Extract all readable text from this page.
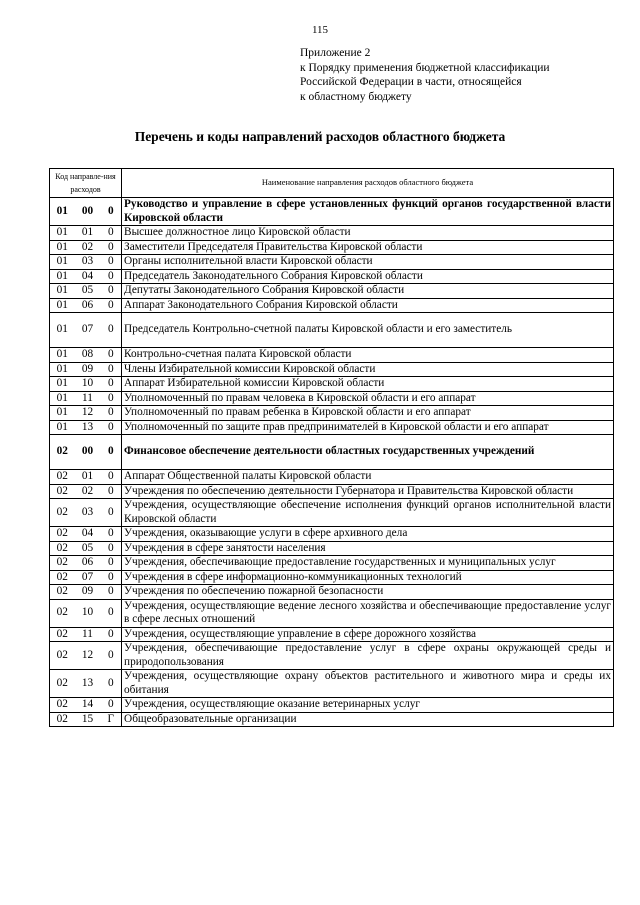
115
Приложение 2
к Порядку применения бюджетной классификации
Российской Федерации в части, относящейся
к областному бюджету
Перечень и коды направлений расходов областного бюджета
Код направле-ния расходов			Наименование направления расходов областного бюджета
01	00	0	Руководство и управление в сфере установленных функций органов государственной власти Кировской области
01	01	0	Высшее должностное лицо Кировской области
01	02	0	Заместители Председателя Правительства Кировской области
01	03	0	Органы исполнительной власти Кировской области
01	04	0	Председатель Законодательного Собрания Кировской области
01	05	0	Депутаты Законодательного Собрания Кировской области
01	06	0	Аппарат Законодательного Собрания Кировской области
01	07	0	Председатель Контрольно-счетной палаты Кировской области и его заместитель
01	08	0	Контрольно-счетная палата Кировской области
01	09	0	Члены Избирательной комиссии Кировской области
01	10	0	Аппарат Избирательной комиссии Кировской области
01	11	0	Уполномоченный по правам человека в Кировской области и его аппарат
01	12	0	Уполномоченный по правам ребенка в Кировской области и его аппарат
01	13	0	Уполномоченный по защите прав предпринимателей в Кировской области и его аппарат
02	00	0	Финансовое обеспечение деятельности областных государственных учреждений
02	01	0	Аппарат Общественной палаты Кировской области
02	02	0	Учреждения по обеспечению деятельности Губернатора и Правительства Кировской области
02	03	0	Учреждения, осуществляющие обеспечение исполнения функций органов исполнительной власти Кировской области
02	04	0	Учреждения, оказывающие услуги в сфере архивного дела
02	05	0	Учреждения в сфере занятости населения
02	06	0	Учреждения, обеспечивающие предоставление государственных и муниципальных услуг
02	07	0	Учреждения в сфере информационно-коммуникационных технологий
02	09	0	Учреждения по обеспечению пожарной безопасности
02	10	0	Учреждения, осуществляющие ведение лесного хозяйства и обеспечивающие предоставление услуг в сфере лесных отношений
02	11	0	Учреждения, осуществляющие управление в сфере дорожного хозяйства
02	12	0	Учреждения, обеспечивающие предоставление услуг в сфере охраны окружающей среды и природопользования
02	13	0	Учреждения, осуществляющие охрану объектов растительного и животного мира и среды их обитания
02	14	0	Учреждения, осуществляющие оказание ветеринарных услуг
02	15	Г	Общеобразовательные организации
